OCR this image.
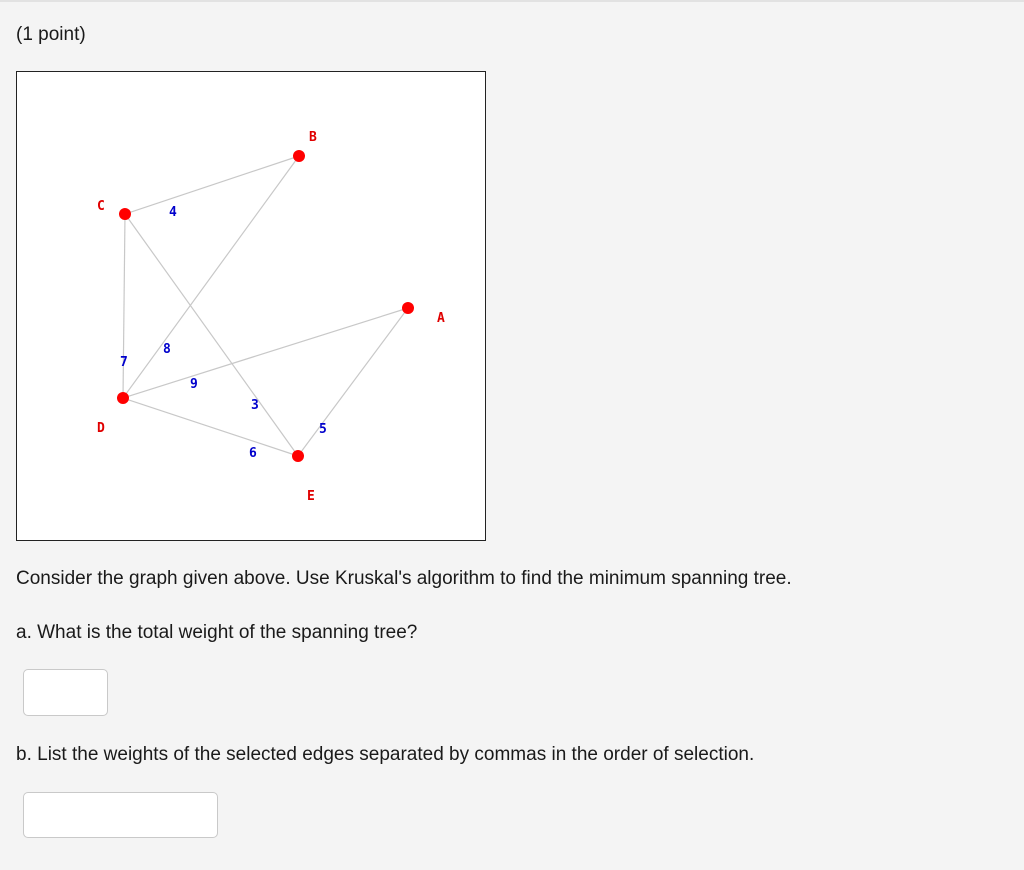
(1 point)
4
7
8
9
3
5
6
B
C
A
D
E
Consider the graph given above. Use Kruskal's algorithm to find the minimum spanning tree.
a. What is the total weight of the spanning tree?
b. List the weights of the selected edges separated by commas in the order of selection.
